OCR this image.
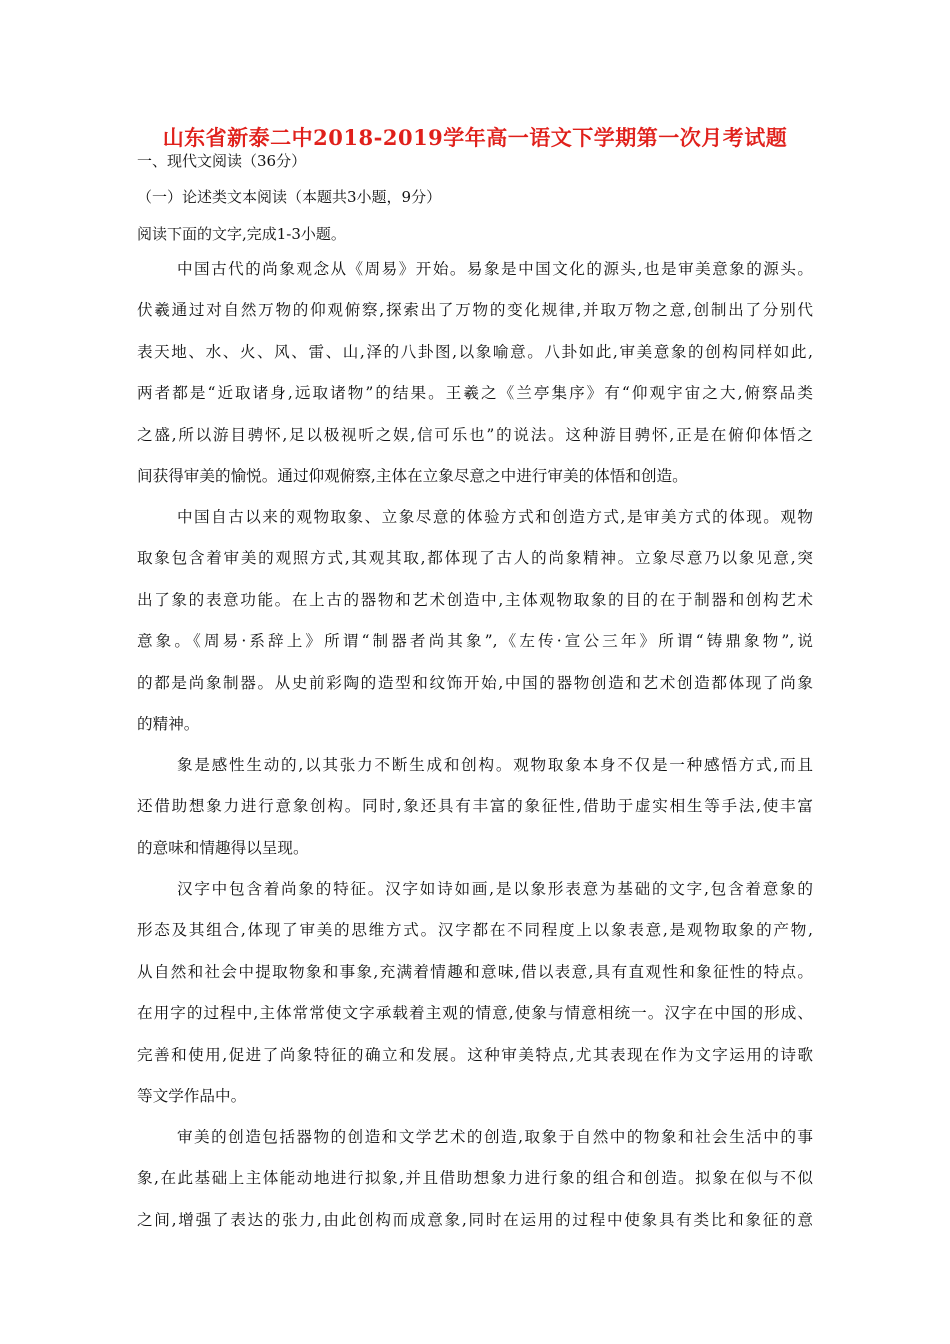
山东省新泰二中2018-2019学年高一语文下学期第一次月考试题
一、现代文阅读（36分）
（一）论述类文本阅读（本题共3小题，9分）
阅读下面的文字,完成1-3小题。
中国古代的尚象观念从《周易》开始。易象是中国文化的源头,也是审美意象的源头。
伏羲通过对自然万物的仰观俯察,探索出了万物的变化规律,并取万物之意,创制出了分别代
表天地、水、火、风、雷、山,泽的八卦图,以象喻意。八卦如此,审美意象的创构同样如此,
两者都是“近取诸身,远取诸物”的结果。王羲之《兰亭集序》有“仰观宇宙之大,俯察品类
之盛,所以游目骋怀,足以极视听之娱,信可乐也”的说法。这种游目骋怀,正是在俯仰体悟之
间获得审美的愉悦。通过仰观俯察,主体在立象尽意之中进行审美的体悟和创造。
中国自古以来的观物取象、立象尽意的体验方式和创造方式,是审美方式的体现。观物
取象包含着审美的观照方式,其观其取,都体现了古人的尚象精神。立象尽意乃以象见意,突
出了象的表意功能。在上古的器物和艺术创造中,主体观物取象的目的在于制器和创构艺术
意象。《周易·系辞上》所谓“制器者尚其象”,《左传·宣公三年》所谓“铸鼎象物”,说
的都是尚象制器。从史前彩陶的造型和纹饰开始,中国的器物创造和艺术创造都体现了尚象
的精神。
象是感性生动的,以其张力不断生成和创构。观物取象本身不仅是一种感悟方式,而且
还借助想象力进行意象创构。同时,象还具有丰富的象征性,借助于虚实相生等手法,使丰富
的意味和情趣得以呈现。
汉字中包含着尚象的特征。汉字如诗如画,是以象形表意为基础的文字,包含着意象的
形态及其组合,体现了审美的思维方式。汉字都在不同程度上以象表意,是观物取象的产物,
从自然和社会中提取物象和事象,充满着情趣和意味,借以表意,具有直观性和象征性的特点。
在用字的过程中,主体常常使文字承载着主观的情意,使象与情意相统一。汉字在中国的形成、
完善和使用,促进了尚象特征的确立和发展。这种审美特点,尤其表现在作为文字运用的诗歌
等文学作品中。
审美的创造包括器物的创造和文学艺术的创造,取象于自然中的物象和社会生活中的事
象,在此基础上主体能动地进行拟象,并且借助想象力进行象的组合和创造。拟象在似与不似
之间,增强了表达的张力,由此创构而成意象,同时在运用的过程中使象具有类比和象征的意
